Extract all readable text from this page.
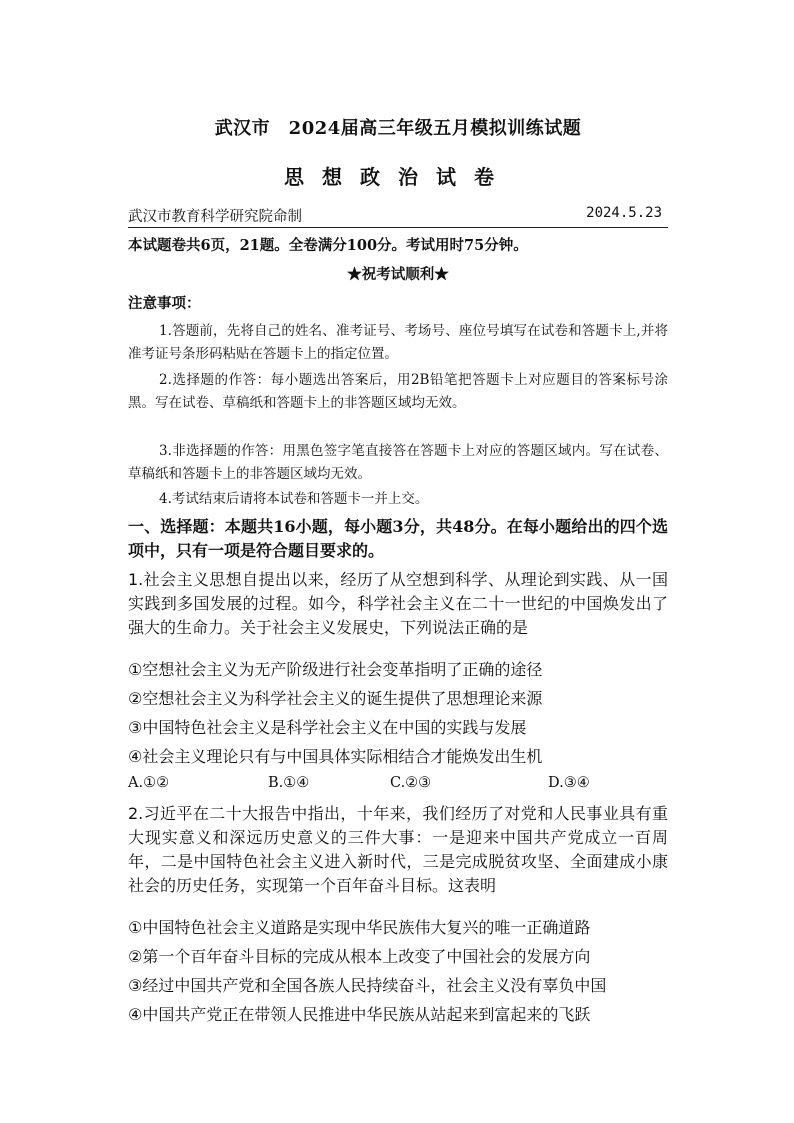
武汉市　2024届高三年级五月模拟训练试题
思想政治试卷
武汉市教育科学研究院命制	2024.5.23
本试题卷共6页，21题。全卷满分100分。考试用时75分钟。
★祝考试顺利★
注意事项：
1.答题前，先将自己的姓名、准考证号、考场号、座位号填写在试卷和答题卡上,并将准考证号条形码粘贴在答题卡上的指定位置。
2.选择题的作答：每小题选出答案后，用2B铅笔把答题卡上对应题目的答案标号涂黑。写在试卷、草稿纸和答题卡上的非答题区域均无效。
3.非选择题的作答：用黑色签字笔直接答在答题卡上对应的答题区域内。写在试卷、草稿纸和答题卡上的非答题区域均无效。
4.考试结束后请将本试卷和答题卡一并上交。
一、选择题：本题共16小题，每小题3分，共48分。在每小题给出的四个选项中，只有一项是符合题目要求的。
1.社会主义思想自提出以来，经历了从空想到科学、从理论到实践、从一国实践到多国发展的过程。如今，科学社会主义在二十一世纪的中国焕发出了强大的生命力。关于社会主义发展史，下列说法正确的是
①空想社会主义为无产阶级进行社会变革指明了正确的途径
②空想社会主义为科学社会主义的诞生提供了思想理论来源
③中国特色社会主义是科学社会主义在中国的实践与发展
④社会主义理论只有与中国具体实际相结合才能焕发出生机
A.①②	B.①④	C.②③	D.③④
2.习近平在二十大报告中指出，十年来，我们经历了对党和人民事业具有重大现实意义和深远历史意义的三件大事：一是迎来中国共产党成立一百周年，二是中国特色社会主义进入新时代，三是完成脱贫攻坚、全面建成小康社会的历史任务，实现第一个百年奋斗目标。这表明
①中国特色社会主义道路是实现中华民族伟大复兴的唯一正确道路
②第一个百年奋斗目标的完成从根本上改变了中国社会的发展方向
③经过中国共产党和全国各族人民持续奋斗，社会主义没有辜负中国
④中国共产党正在带领人民推进中华民族从站起来到富起来的飞跃
